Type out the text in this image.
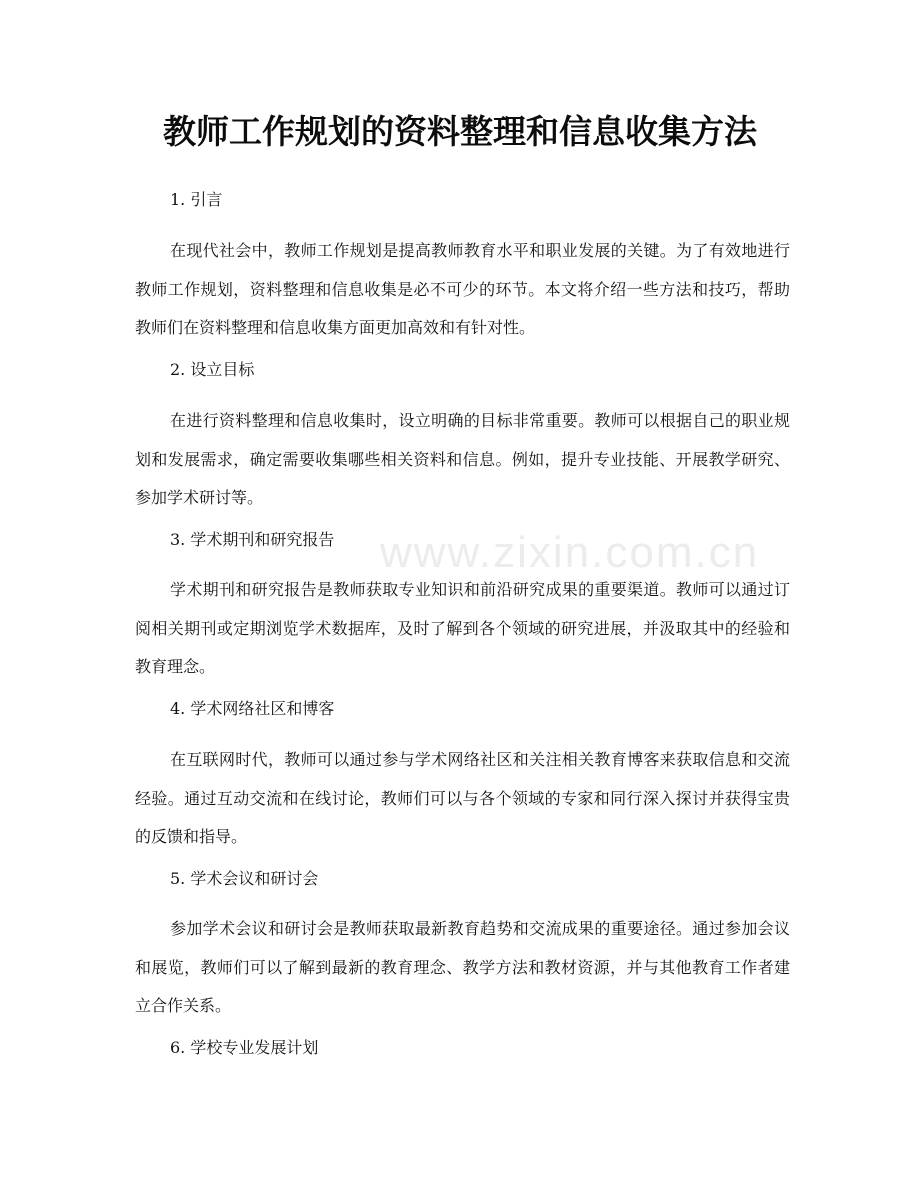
www.zixin.com.cn
教师工作规划的资料整理和信息收集方法
1. 引言

在现代社会中，教师工作规划是提高教师教育水平和职业发展的关键。为了有效地进行教师工作规划，资料整理和信息收集是必不可少的环节。本文将介绍一些方法和技巧，帮助教师们在资料整理和信息收集方面更加高效和有针对性。

2. 设立目标

在进行资料整理和信息收集时，设立明确的目标非常重要。教师可以根据自己的职业规划和发展需求，确定需要收集哪些相关资料和信息。例如，提升专业技能、开展教学研究、参加学术研讨等。

3. 学术期刊和研究报告

学术期刊和研究报告是教师获取专业知识和前沿研究成果的重要渠道。教师可以通过订阅相关期刊或定期浏览学术数据库，及时了解到各个领域的研究进展，并汲取其中的经验和教育理念。

4. 学术网络社区和博客

在互联网时代，教师可以通过参与学术网络社区和关注相关教育博客来获取信息和交流经验。通过互动交流和在线讨论，教师们可以与各个领域的专家和同行深入探讨并获得宝贵的反馈和指导。

5. 学术会议和研讨会

参加学术会议和研讨会是教师获取最新教育趋势和交流成果的重要途径。通过参加会议和展览，教师们可以了解到最新的教育理念、教学方法和教材资源，并与其他教育工作者建立合作关系。

6. 学校专业发展计划
